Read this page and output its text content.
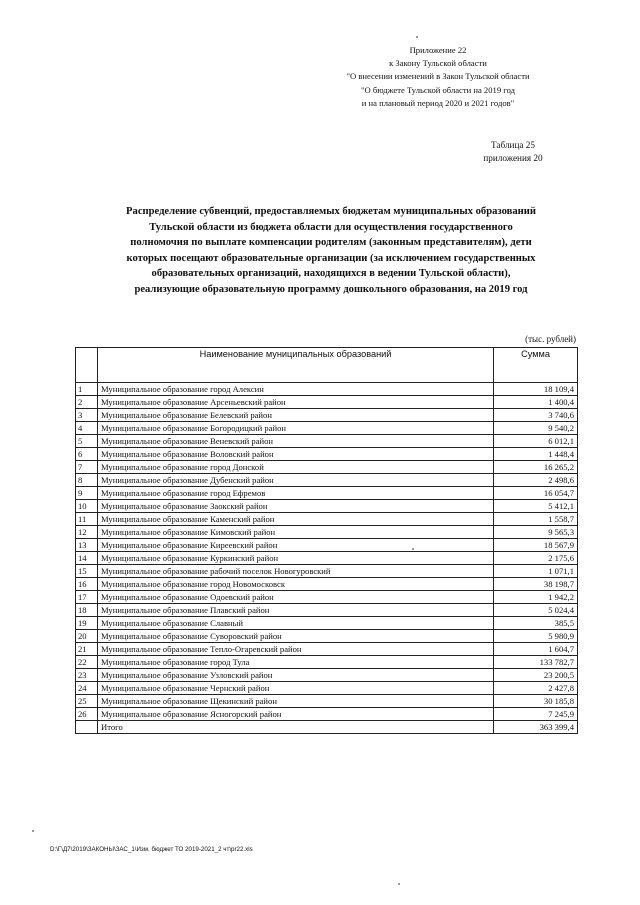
Приложение 22
к Закону Тульской области
"О внесении изменений в Закон Тульской области
"О бюджете Тульской области на 2019 год
и на плановый период 2020 и 2021 годов"
Таблица 25
приложения 20
Распределение субвенций, предоставляемых бюджетам муниципальных образований
Тульской области из бюджета области для осуществления государственного
полномочия по выплате компенсации родителям (законным представителям), дети
которых посещают образовательные организации (за исключением государственных
образовательных организаций, находящихся в ведении Тульской области),
реализующие образовательную программу дошкольного образования, на 2019 год
(тыс. рублей)
	Наименование муниципальных образований	Сумма
1	Муниципальное образование город Алексин	18 109,4
2	Муниципальное образование Арсеньевский район	1 400,4
3	Муниципальное образование Белевский район	3 740,6
4	Муниципальное образование Богородицкий район	9 540,2
5	Муниципальное образование Веневский район	6 012,1
6	Муниципальное образование Воловский район	1 448,4
7	Муниципальное образование город Донской	16 265,2
8	Муниципальное образование Дубенский район	2 498,6
9	Муниципальное образование город Ефремов	16 054,7
10	Муниципальное образование Заокский район	5 412,1
11	Муниципальное образование Каменский район	1 558,7
12	Муниципальное образование Кимовский район	9 565,3
13	Муниципальное образование Киреевский район	18 567,9
14	Муниципальное образование Куркинский район	2 175,6
15	Муниципальное образование рабочий поселок Новогуровский	1 071,1
16	Муниципальное образование город Новомосковск	38 198,7
17	Муниципальное образование Одоевский район	1 942,2
18	Муниципальное образование Плавский район	5 024,4
19	Муниципальное образование Славный	385,5
20	Муниципальное образование Суворовский район	5 980,9
21	Муниципальное образование Тепло-Огаревский район	1 604,7
22	Муниципальное образование город Тула	133 782,7
23	Муниципальное образование Узловский район	23 200,5
24	Муниципальное образование Чернский район	2 427,8
25	Муниципальное образование Щекинский район	30 185,8
26	Муниципальное образование Ясногорский район	7 245,9
	Итого	363 399,4
D:\Г\Д7\2019\ЗАКОНЫ\ЗАС_1\Изм. бюджет ТО 2019-2021_2 чт\pr22.xls
